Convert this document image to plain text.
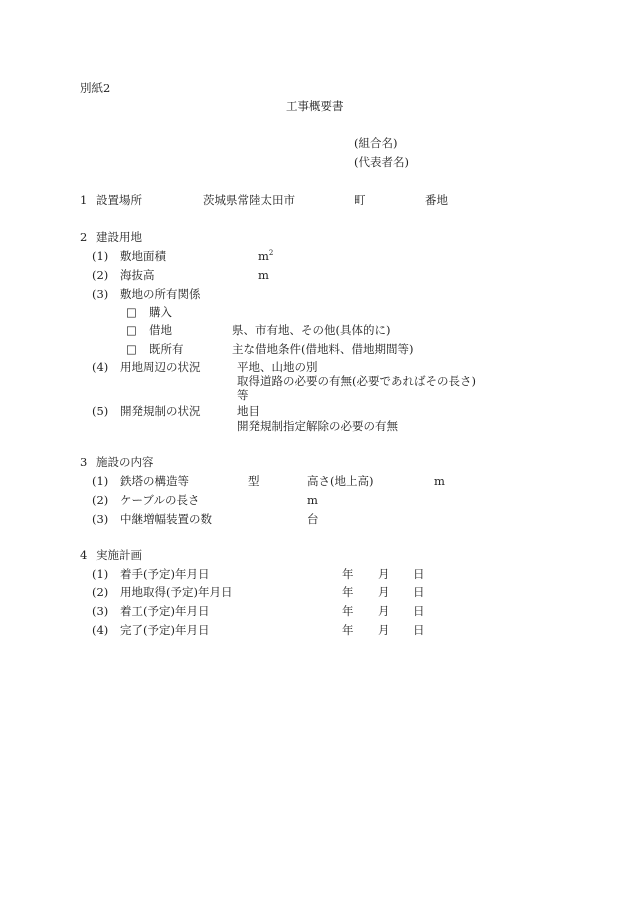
別紙2
工事概要書
(組合名)
(代表者名)
1 設置場所	茨城県常陸太田市	町	番地
2 建設用地
(1) 敷地面積	$m^2$
(2) 海抜高	m
(3) 敷地の所有関係
□ 購入
□ 借地	県、市有地、その他(具体的に)
□ 既所有	主な借地条件(借地料、借地期間等)
(4) 用地周辺の状況	平地、山地の別
取得道路の必要の有無(必要であればその長さ)
等
(5) 開発規制の状況	地目
開発規制指定解除の必要の有無
3 施設の内容
(1) 鉄塔の構造等	型	高さ(地上高)	m
(2) ケーブルの長さ	m
(3) 中継増幅装置の数	台
4 実施計画
(1) 着手(予定)年月日	年 月 日
(2) 用地取得(予定)年月日	年 月 日
(3) 着工(予定)年月日	年 月 日
(4) 完了(予定)年月日	年 月 日
